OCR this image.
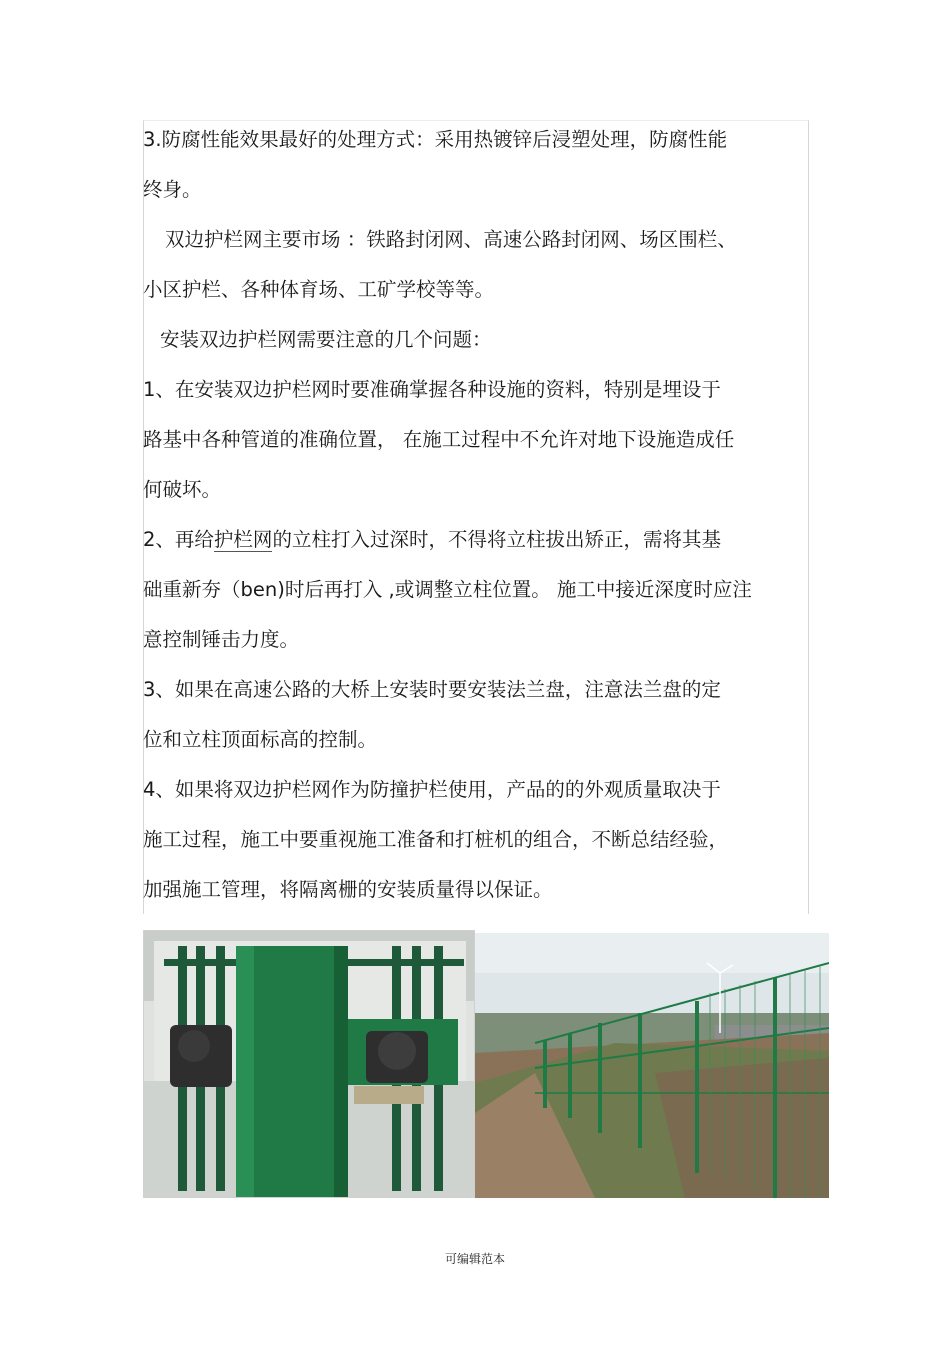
3.防腐性能效果最好的处理方式：采用热镀锌后浸塑处理，防腐性能
终身。
双边护栏网主要市场 ：铁路封闭网、高速公路封闭网、场区围栏、
小区护栏、各种体育场、工矿学校等等。
安装双边护栏网需要注意的几个问题：
1、在安装双边护栏网时要准确掌握各种设施的资料，特别是埋设于
路基中各种管道的准确位置， 在施工过程中不允许对地下设施造成任
何破坏。
2、再给护栏网的立柱打入过深时，不得将立柱拔出矫正，需将其基
础重新夯（ben)时后再打入 ,或调整立柱位置。 施工中接近深度时应注
意控制锤击力度。
3、如果在高速公路的大桥上安装时要安装法兰盘，注意法兰盘的定
位和立柱顶面标高的控制。
4、如果将双边护栏网作为防撞护栏使用，产品的的外观质量取决于
施工过程，施工中要重视施工准备和打桩机的组合，不断总结经验，
加强施工管理，将隔离栅的安装质量得以保证。
可编辑范本
